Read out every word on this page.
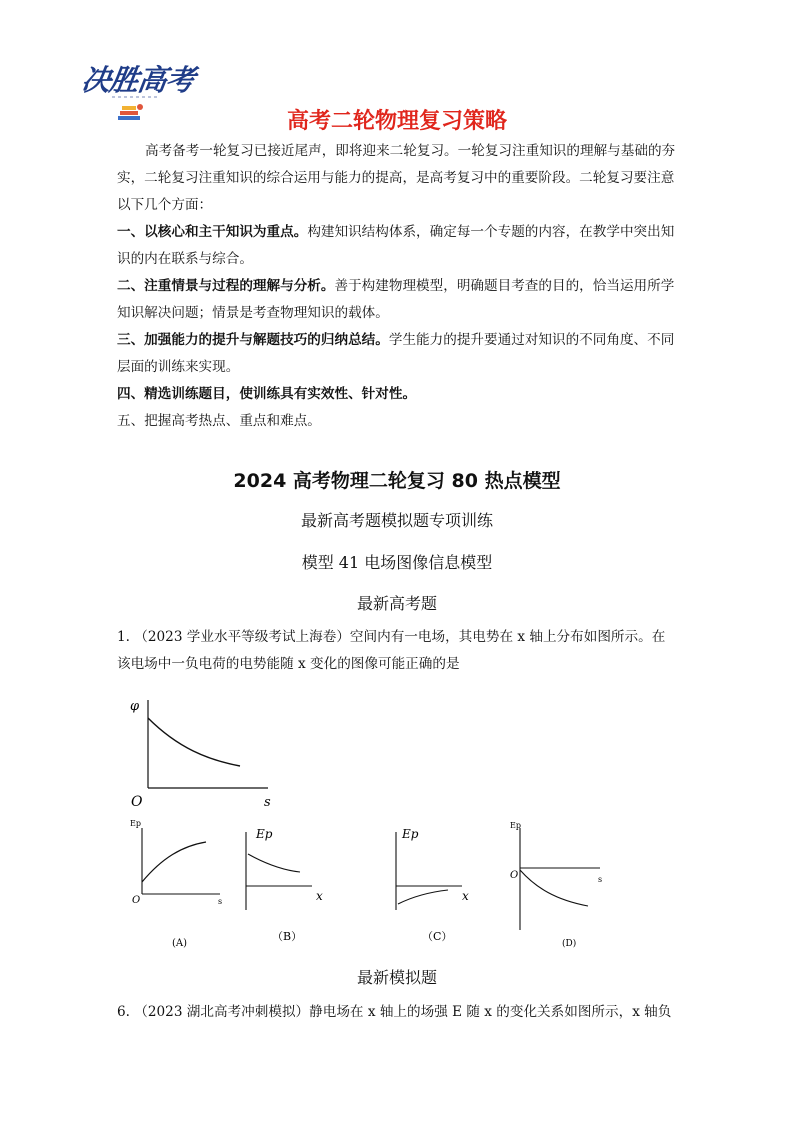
决胜高考
高考二轮物理复习策略
高考备考一轮复习已接近尾声，即将迎来二轮复习。一轮复习注重知识的理解与基础的夯实，二轮复习注重知识的综合运用与能力的提高，是高考复习中的重要阶段。二轮复习要注意以下几个方面：
一、以核心和主干知识为重点。构建知识结构体系，确定每一个专题的内容，在教学中突出知识的内在联系与综合。
二、注重情景与过程的理解与分析。善于构建物理模型，明确题目考查的目的，恰当运用所学知识解决问题；情景是考查物理知识的载体。
三、加强能力的提升与解题技巧的归纳总结。学生能力的提升要通过对知识的不同角度、不同层面的训练来实现。
四、精选训练题目，使训练具有实效性、针对性。
五、把握高考热点、重点和难点。
2024 高考物理二轮复习 80 热点模型
最新高考题模拟题专项训练
模型 41 电场图像信息模型
最新高考题
1. （2023 学业水平等级考试上海卷）空间内有一电场，其电势在 x 轴上分布如图所示。在该电场中一负电荷的电势能随 x 变化的图像可能正确的是
φ
O	s
Ep
O	s
(A)
Ep
x
（B）
Ep
x
（C）
Ep
O	s
(D)
最新模拟题
6. （2023 湖北高考冲刺模拟）静电场在 x 轴上的场强 E 随 x 的变化关系如图所示，x 轴负
